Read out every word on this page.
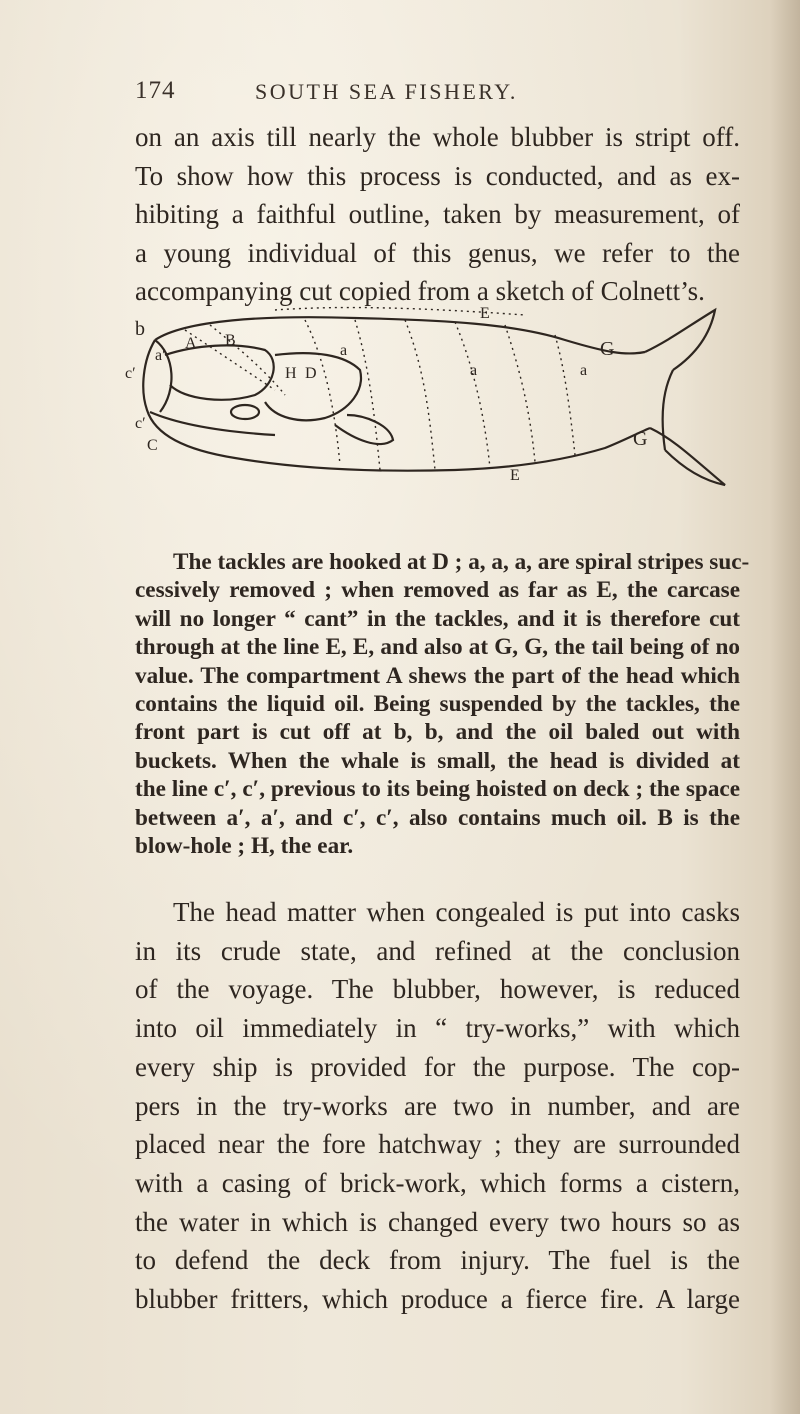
174	SOUTH SEA FISHERY.
on an axis till nearly the whole blubber is stript off.
To show how this process is conducted, and as ex-
hibiting a faithful outline, taken by measurement, of
a young individual of this genus, we refer to the
accompanying cut copied from a sketch of Colnett’s.
b
c′
c′
a′
A B
H D
a
a	a
E
E
G
G
C
The tackles are hooked at D ; a, a, a, are spiral stripes suc-
cessively removed ; when removed as far as E, the carcase
will no longer “ cant” in the tackles, and it is therefore cut
through at the line E, E, and also at G, G, the tail being of no
value. The compartment A shews the part of the head which
contains the liquid oil. Being suspended by the tackles, the
front part is cut off at b, b, and the oil baled out with
buckets. When the whale is small, the head is divided at
the line c′, c′, previous to its being hoisted on deck ; the space
between a′, a′, and c′, c′, also contains much oil. B is the
blow-hole ; H, the ear.
The head matter when congealed is put into casks
in its crude state, and refined at the conclusion
of the voyage. The blubber, however, is reduced
into oil immediately in “ try-works,” with which
every ship is provided for the purpose. The cop-
pers in the try-works are two in number, and are
placed near the fore hatchway ; they are surrounded
with a casing of brick-work, which forms a cistern,
the water in which is changed every two hours so as
to defend the deck from injury. The fuel is the
blubber fritters, which produce a fierce fire. A large
